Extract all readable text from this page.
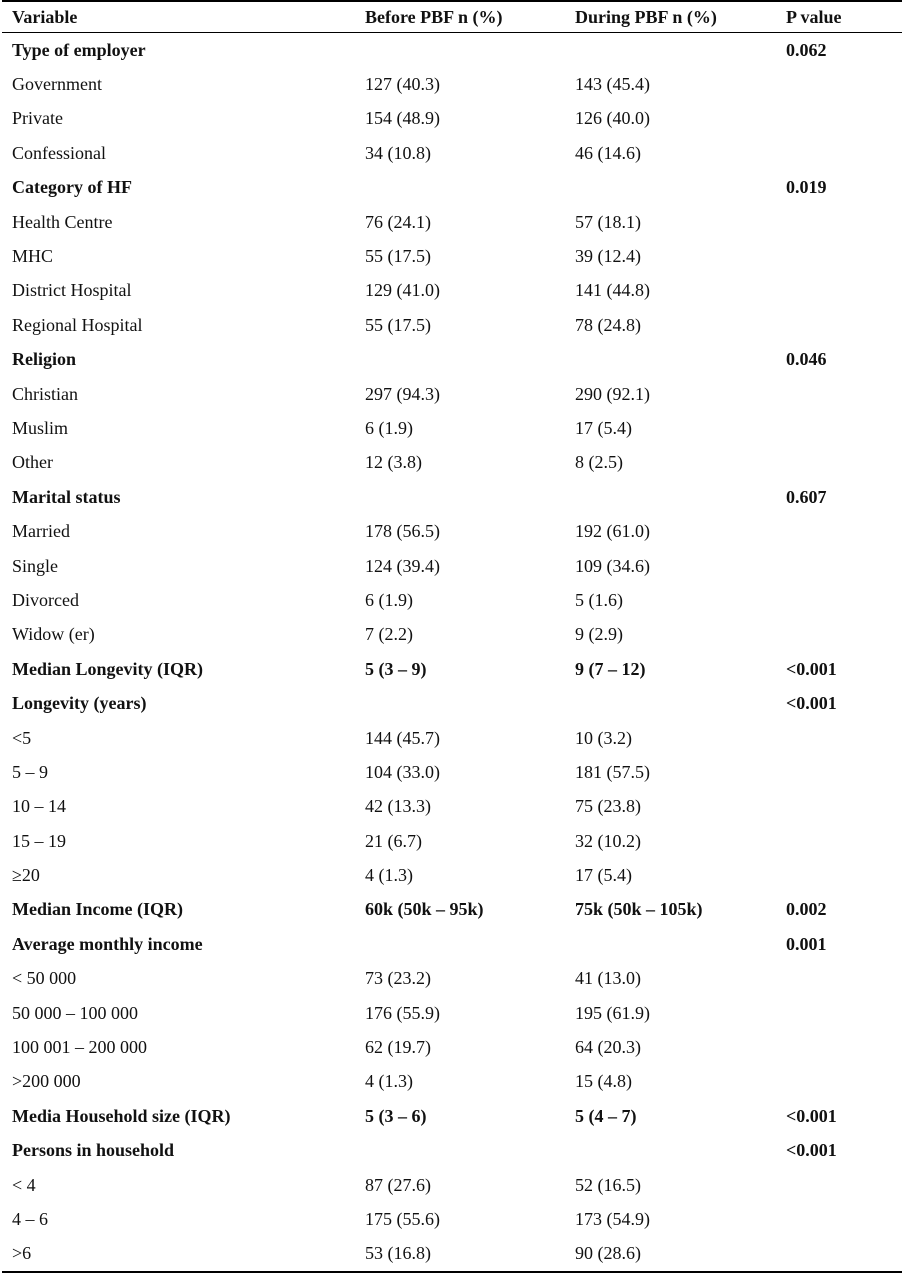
Variable	Before PBF n (%)	During PBF n (%)	P value
Type of employer			0.062
Government	127 (40.3)	143 (45.4)	
Private	154 (48.9)	126 (40.0)	
Confessional	34 (10.8)	46 (14.6)	
Category of HF			0.019
Health Centre	76 (24.1)	57 (18.1)	
MHC	55 (17.5)	39 (12.4)	
District Hospital	129 (41.0)	141 (44.8)	
Regional Hospital	55 (17.5)	78 (24.8)	
Religion			0.046
Christian	297 (94.3)	290 (92.1)	
Muslim	6 (1.9)	17 (5.4)	
Other	12 (3.8)	8 (2.5)	
Marital status			0.607
Married	178 (56.5)	192 (61.0)	
Single	124 (39.4)	109 (34.6)	
Divorced	6 (1.9)	5 (1.6)	
Widow (er)	7 (2.2)	9 (2.9)	
Median Longevity (IQR)	5 (3 – 9)	9 (7 – 12)	<0.001
Longevity (years)			<0.001
<5	144 (45.7)	10 (3.2)	
5 – 9	104 (33.0)	181 (57.5)	
10 – 14	42 (13.3)	75 (23.8)	
15 – 19	21 (6.7)	32 (10.2)	
≥20	4 (1.3)	17 (5.4)	
Median Income (IQR)	60k (50k – 95k)	75k (50k – 105k)	0.002
Average monthly income			0.001
< 50 000	73 (23.2)	41 (13.0)	
50 000 – 100 000	176 (55.9)	195 (61.9)	
100 001 – 200 000	62 (19.7)	64 (20.3)	
>200 000	4 (1.3)	15 (4.8)	
Media Household size (IQR)	5 (3 – 6)	5 (4 – 7)	<0.001
Persons in household			<0.001
< 4	87 (27.6)	52 (16.5)	
4 – 6	175 (55.6)	173 (54.9)	
>6	53 (16.8)	90 (28.6)	
